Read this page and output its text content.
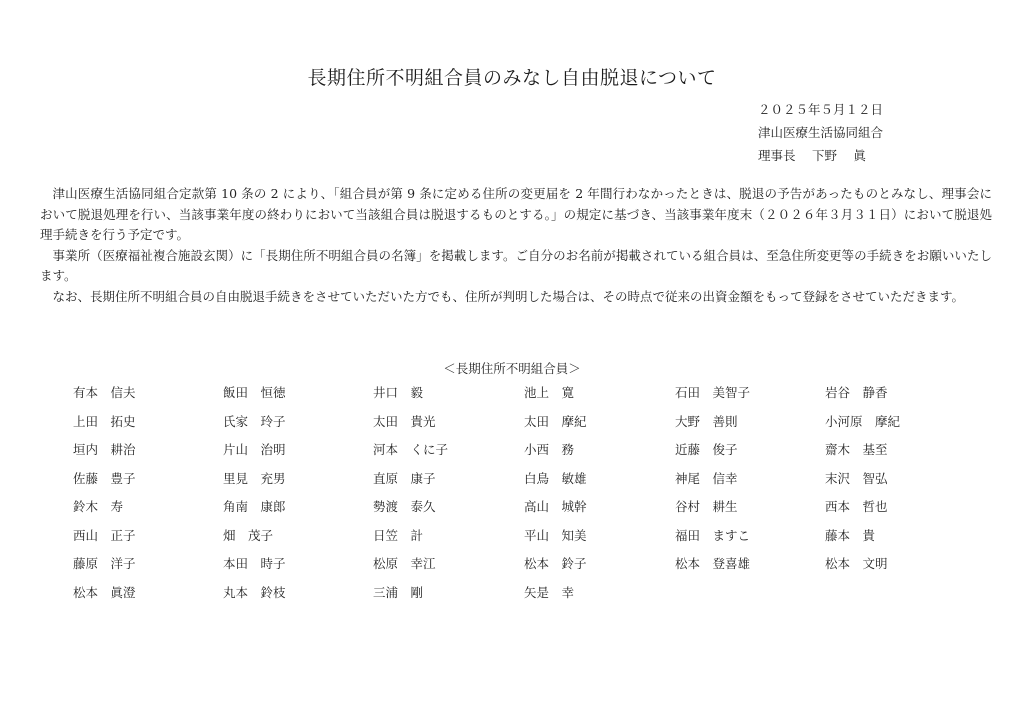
長期住所不明組合員のみなし自由脱退について
２０２５年５月１２日
津山医療生活協同組合
理事長　 下野　 眞

津山医療生活協同組合定款第 10 条の 2 により、「組合員が第 9 条に定める住所の変更届を 2 年間行わなかったときは、脱退の予告があったものとみなし、理事会において脱退処理を行い、当該事業年度の終わりにおいて当該組合員は脱退するものとする。」の規定に基づき、当該事業年度末（２０２６年３月３１日）において脱退処理手続きを行う予定です。

事業所（医療福祉複合施設玄関）に「長期住所不明組合員の名簿」を掲載します。ご自分のお名前が掲載されている組合員は、至急住所変更等の手続きをお願いいたします。

なお、長期住所不明組合員の自由脱退手続きをさせていただいた方でも、住所が判明した場合は、その時点で従来の出資金額をもって登録をさせていただきます。

＜長期住所不明組合員＞
有本　信夫	飯田　恒徳	井口　毅	池上　寛	石田　美智子	岩谷　静香
上田　拓史	氏家　玲子	太田　貴光	太田　摩紀	大野　善則	小河原　摩紀
垣内　耕治	片山　治明	河本　くに子	小西　務	近藤　俊子	齋木　基至
佐藤　豊子	里見　充男	直原　康子	白鳥　敏雄	神尾　信幸	末沢　智弘
鈴木　寿	角南　康郎	勢渡　泰久	高山　城幹	谷村　耕生	西本　哲也
西山　正子	畑　茂子	日笠　計	平山　知美	福田　ますこ	藤本　貴
藤原　洋子	本田　時子	松原　幸江	松本　鈴子	松本　登喜雄	松本　文明
松本　眞澄	丸本　鈴枝	三浦　剛	矢是　幸
